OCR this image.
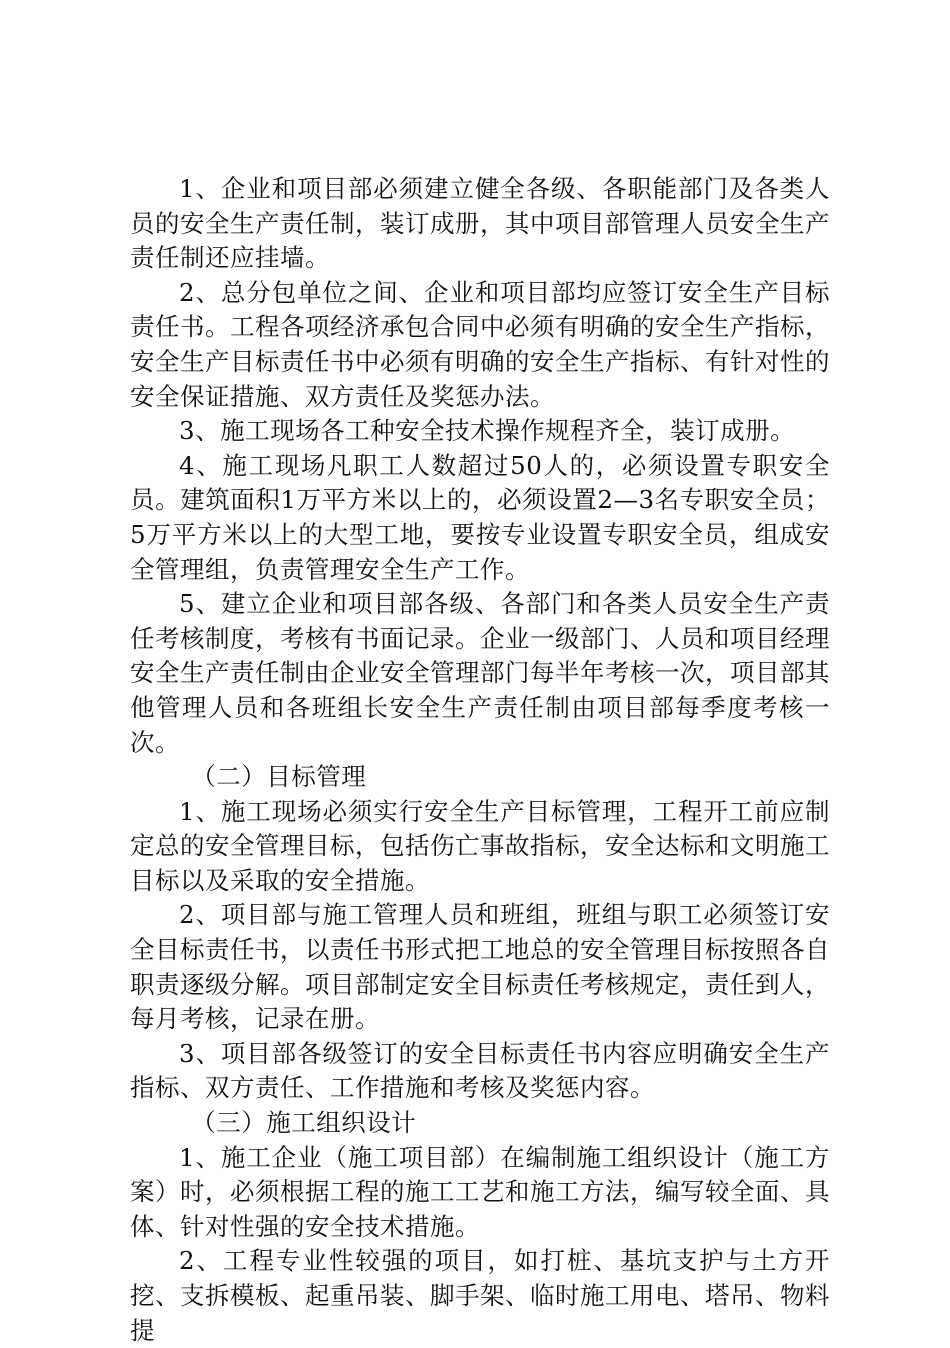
1、企业和项目部必须建立健全各级、各职能部门及各类人员的安全生产责任制，装订成册，其中项目部管理人员安全生产责任制还应挂墙。

2、总分包单位之间、企业和项目部均应签订安全生产目标责任书。工程各项经济承包合同中必须有明确的安全生产指标，安全生产目标责任书中必须有明确的安全生产指标、有针对性的安全保证措施、双方责任及奖惩办法。

3、施工现场各工种安全技术操作规程齐全，装订成册。

4、施工现场凡职工人数超过50人的，必须设置专职安全员。建筑面积1万平方米以上的，必须设置2—3名专职安全员；5万平方米以上的大型工地，要按专业设置专职安全员，组成安全管理组，负责管理安全生产工作。

5、建立企业和项目部各级、各部门和各类人员安全生产责任考核制度，考核有书面记录。企业一级部门、人员和项目经理安全生产责任制由企业安全管理部门每半年考核一次，项目部其他管理人员和各班组长安全生产责任制由项目部每季度考核一次。

（二）目标管理

1、施工现场必须实行安全生产目标管理，工程开工前应制定总的安全管理目标，包括伤亡事故指标，安全达标和文明施工目标以及采取的安全措施。

2、项目部与施工管理人员和班组，班组与职工必须签订安全目标责任书，以责任书形式把工地总的安全管理目标按照各自职责逐级分解。项目部制定安全目标责任考核规定，责任到人，每月考核，记录在册。

3、项目部各级签订的安全目标责任书内容应明确安全生产指标、双方责任、工作措施和考核及奖惩内容。

（三）施工组织设计

1、施工企业（施工项目部）在编制施工组织设计（施工方案）时，必须根据工程的施工工艺和施工方法，编写较全面、具体、针对性强的安全技术措施。

2、工程专业性较强的项目，如打桩、基坑支护与土方开挖、支拆模板、起重吊装、脚手架、临时施工用电、塔吊、物料提
